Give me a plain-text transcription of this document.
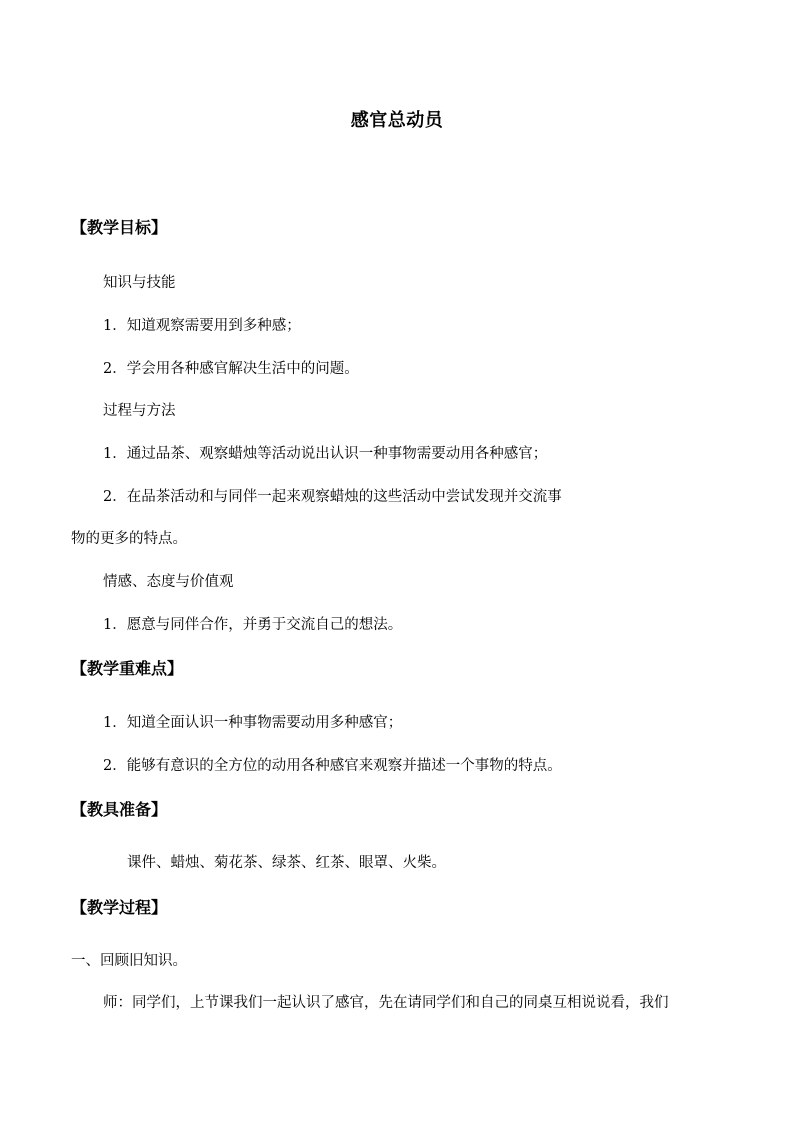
感官总动员
【教学目标】
知识与技能
1．知道观察需要用到多种感；
2．学会用各种感官解决生活中的问题。
过程与方法
1．通过品茶、观察蜡烛等活动说出认识一种事物需要动用各种感官；
2．在品茶活动和与同伴一起来观察蜡烛的这些活动中尝试发现并交流事
物的更多的特点。
情感、态度与价值观
1．愿意与同伴合作，并勇于交流自己的想法。
【教学重难点】
1．知道全面认识一种事物需要动用多种感官；
2．能够有意识的全方位的动用各种感官来观察并描述一个事物的特点。
【教具准备】
课件、蜡烛、菊花茶、绿茶、红茶、眼罩、火柴。
【教学过程】
一、回顾旧知识。
师：同学们，上节课我们一起认识了感官，先在请同学们和自己的同桌互相说说看，我们
